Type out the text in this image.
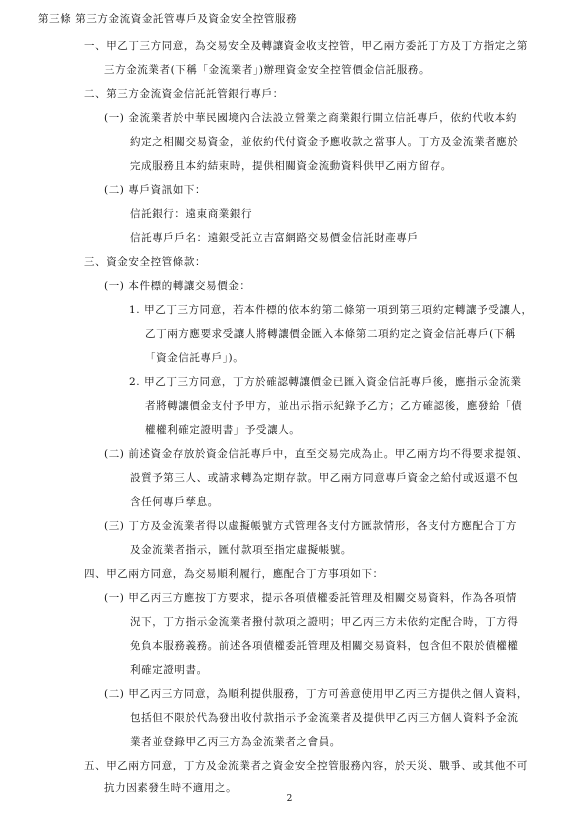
第三條 第三方金流資金託管專戶及資金安全控管服務
一、甲乙丁三方同意，為交易安全及轉讓資金收支控管，甲乙兩方委託丁方及丁方指定之第
三方金流業者(下稱「金流業者」)辦理資金安全控管價金信託服務。
二、第三方金流資金信託託管銀行專戶：
(一) 金流業者於中華民國境內合法設立營業之商業銀行開立信託專戶，依約代收本約
約定之相關交易資金，並依約代付資金予應收款之當事人。丁方及金流業者應於
完成服務且本約結束時，提供相關資金流動資料供甲乙兩方留存。
(二) 專戶資訊如下：
信託銀行：遠東商業銀行
信託專戶戶名：遠銀受託立吉富網路交易價金信託財產專戶
三、資金安全控管條款：
(一) 本件標的轉讓交易價金：
1. 甲乙丁三方同意，若本件標的依本約第二條第一項到第三項約定轉讓予受讓人，
乙丁兩方應要求受讓人將轉讓價金匯入本條第二項約定之資金信託專戶(下稱
「資金信託專戶」)。
2. 甲乙丁三方同意，丁方於確認轉讓價金已匯入資金信託專戶後，應指示金流業
者將轉讓價金支付予甲方，並出示指示紀錄予乙方；乙方確認後，應發給「債
權權利確定證明書」予受讓人。
(二) 前述資金存放於資金信託專戶中，直至交易完成為止。甲乙兩方均不得要求提領、
設質予第三人、或請求轉為定期存款。甲乙兩方同意專戶資金之給付或返還不包
含任何專戶孳息。
(三) 丁方及金流業者得以虛擬帳號方式管理各支付方匯款情形，各支付方應配合丁方
及金流業者指示，匯付款項至指定虛擬帳號。
四、甲乙兩方同意，為交易順利履行，應配合丁方事項如下：
(一) 甲乙丙三方應按丁方要求，提示各項債權委託管理及相關交易資料，作為各項情
況下，丁方指示金流業者撥付款項之證明；甲乙丙三方未依約定配合時，丁方得
免負本服務義務。前述各項債權委託管理及相關交易資料，包含但不限於債權權
利確定證明書。
(二) 甲乙丙三方同意，為順利提供服務，丁方可善意使用甲乙丙三方提供之個人資料，
包括但不限於代為發出收付款指示予金流業者及提供甲乙丙三方個人資料予金流
業者並登錄甲乙丙三方為金流業者之會員。
五、甲乙兩方同意，丁方及金流業者之資金安全控管服務內容，於天災、戰爭、或其他不可
抗力因素發生時不適用之。
2
